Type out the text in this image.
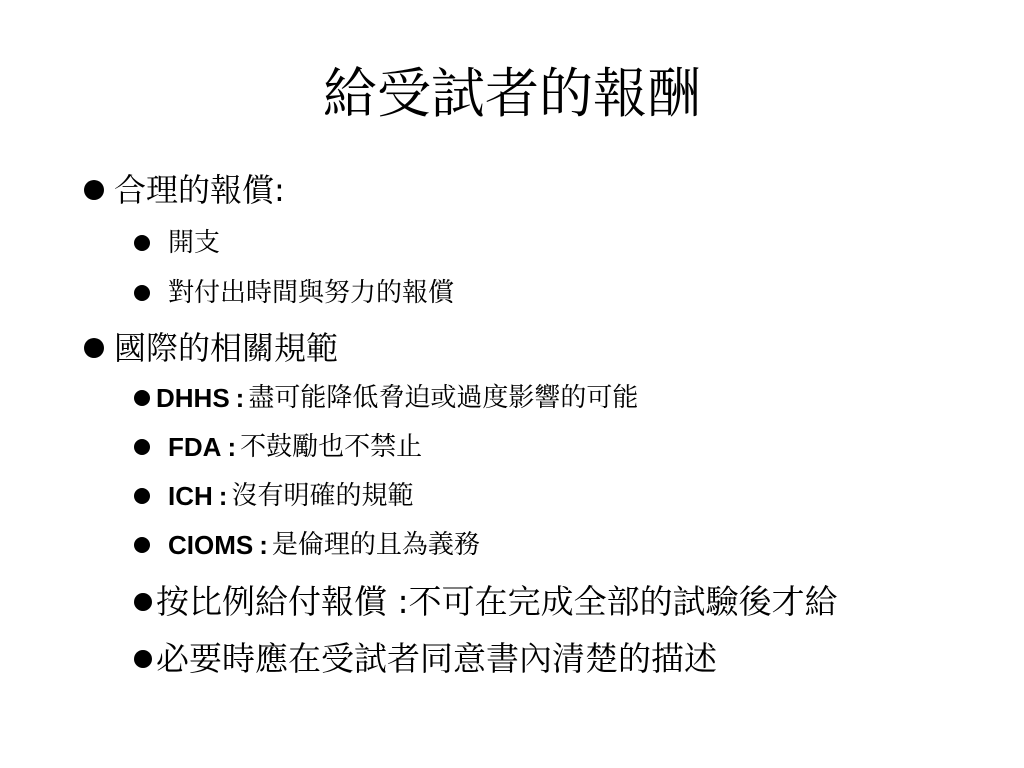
給受試者的報酬
合理的報償:
開支
對付出時間與努力的報償
國際的相關規範
DHHS : 盡可能降低脅迫或過度影響的可能
FDA : 不鼓勵也不禁止
ICH : 沒有明確的規範
CIOMS : 是倫理的且為義務
按比例給付報償 :不可在完成全部的試驗後才給
必要時應在受試者同意書內清楚的描述
